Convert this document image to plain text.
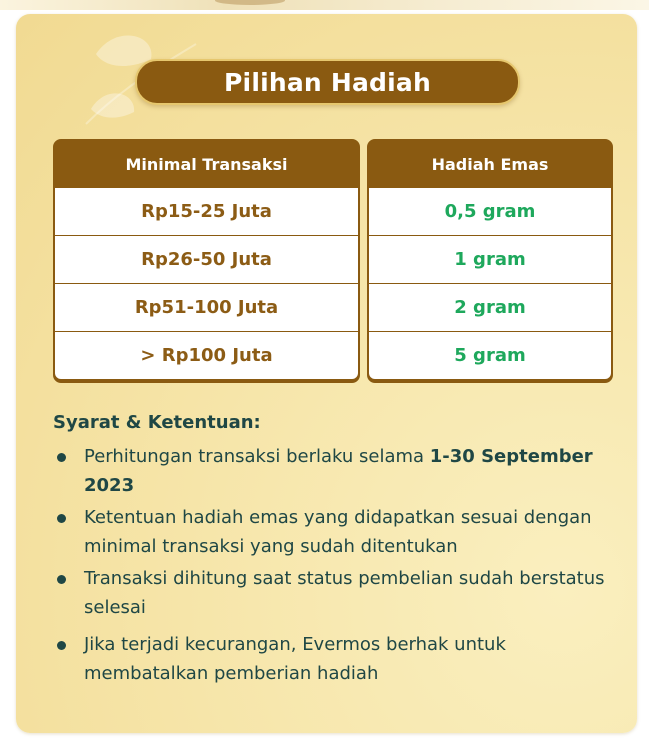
Pilihan Hadiah
Minimal Transaksi
Rp15-25 Juta
Rp26-50 Juta
Rp51-100 Juta
> Rp100 Juta
Hadiah Emas
0,5 gram
1 gram
2 gram
5 gram
Syarat & Ketentuan:
Perhitungan transaksi berlaku selama 1-30 September 2023
Ketentuan hadiah emas yang didapatkan sesuai dengan minimal transaksi yang sudah ditentukan
Transaksi dihitung saat status pembelian sudah berstatus selesai
Jika terjadi kecurangan, Evermos berhak untuk membatalkan pemberian hadiah
